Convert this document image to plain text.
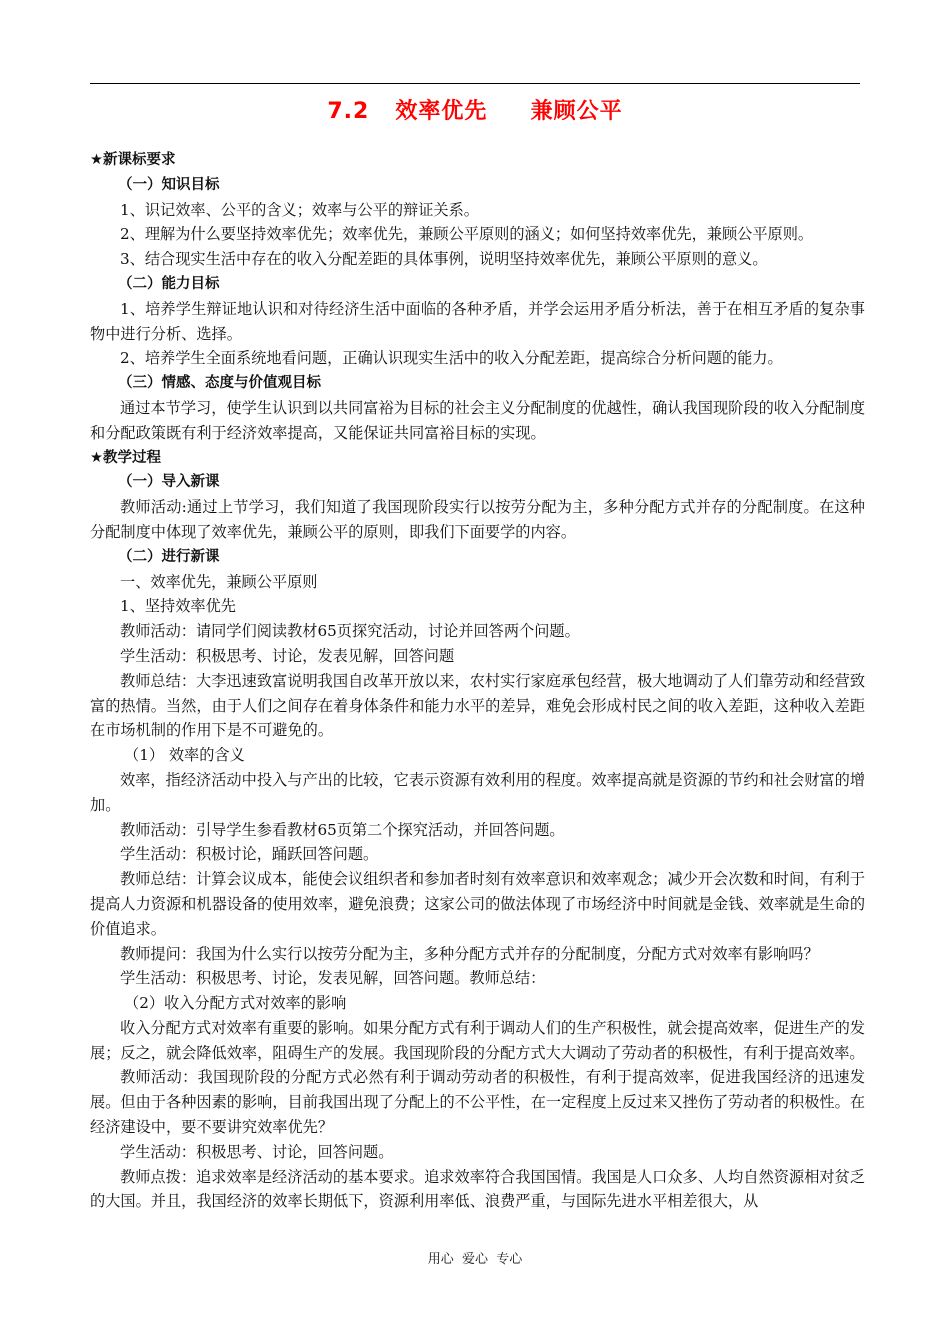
7.2   效率优先     兼顾公平

★新课标要求

（一）知识目标

1、识记效率、公平的含义；效率与公平的辩证关系。

2、理解为什么要坚持效率优先；效率优先，兼顾公平原则的涵义；如何坚持效率优先，兼顾公平原则。

3、结合现实生活中存在的收入分配差距的具体事例，说明坚持效率优先，兼顾公平原则的意义。

（二）能力目标

1、培养学生辩证地认识和对待经济生活中面临的各种矛盾，并学会运用矛盾分析法，善于在相互矛盾的复杂事物中进行分析、选择。

2、培养学生全面系统地看问题，正确认识现实生活中的收入分配差距，提高综合分析问题的能力。

（三）情感、态度与价值观目标

通过本节学习，使学生认识到以共同富裕为目标的社会主义分配制度的优越性，确认我国现阶段的收入分配制度和分配政策既有利于经济效率提高，又能保证共同富裕目标的实现。

★教学过程

（一）导入新课

教师活动:通过上节学习，我们知道了我国现阶段实行以按劳分配为主，多种分配方式并存的分配制度。在这种分配制度中体现了效率优先，兼顾公平的原则，即我们下面要学的内容。

（二）进行新课

一、效率优先，兼顾公平原则

1、坚持效率优先

教师活动：请同学们阅读教材65页探究活动，讨论并回答两个问题。

学生活动：积极思考、讨论，发表见解，回答问题

教师总结：大李迅速致富说明我国自改革开放以来，农村实行家庭承包经营，极大地调动了人们靠劳动和经营致富的热情。当然，由于人们之间存在着身体条件和能力水平的差异，难免会形成村民之间的收入差距，这种收入差距在市场机制的作用下是不可避免的。

（1） 效率的含义

效率，指经济活动中投入与产出的比较，它表示资源有效利用的程度。效率提高就是资源的节约和社会财富的增加。

教师活动：引导学生参看教材65页第二个探究活动，并回答问题。

学生活动：积极讨论，踊跃回答问题。

教师总结：计算会议成本，能使会议组织者和参加者时刻有效率意识和效率观念；减少开会次数和时间，有利于提高人力资源和机器设备的使用效率，避免浪费；这家公司的做法体现了市场经济中时间就是金钱、效率就是生命的价值追求。

教师提问：我国为什么实行以按劳分配为主，多种分配方式并存的分配制度，分配方式对效率有影响吗？

学生活动：积极思考、讨论，发表见解，回答问题。教师总结：

（2）收入分配方式对效率的影响

收入分配方式对效率有重要的影响。如果分配方式有利于调动人们的生产积极性，就会提高效率，促进生产的发展；反之，就会降低效率，阻碍生产的发展。我国现阶段的分配方式大大调动了劳动者的积极性，有利于提高效率。

教师活动：我国现阶段的分配方式必然有利于调动劳动者的积极性，有利于提高效率，促进我国经济的迅速发展。但由于各种因素的影响，目前我国出现了分配上的不公平性，在一定程度上反过来又挫伤了劳动者的积极性。在经济建设中，要不要讲究效率优先？

学生活动：积极思考、讨论，回答问题。

教师点拨：追求效率是经济活动的基本要求。追求效率符合我国国情。我国是人口众多、人均自然资源相对贫乏的大国。并且，我国经济的效率长期低下，资源利用率低、浪费严重，与国际先进水平相差很大，从

用心  爱心  专心
